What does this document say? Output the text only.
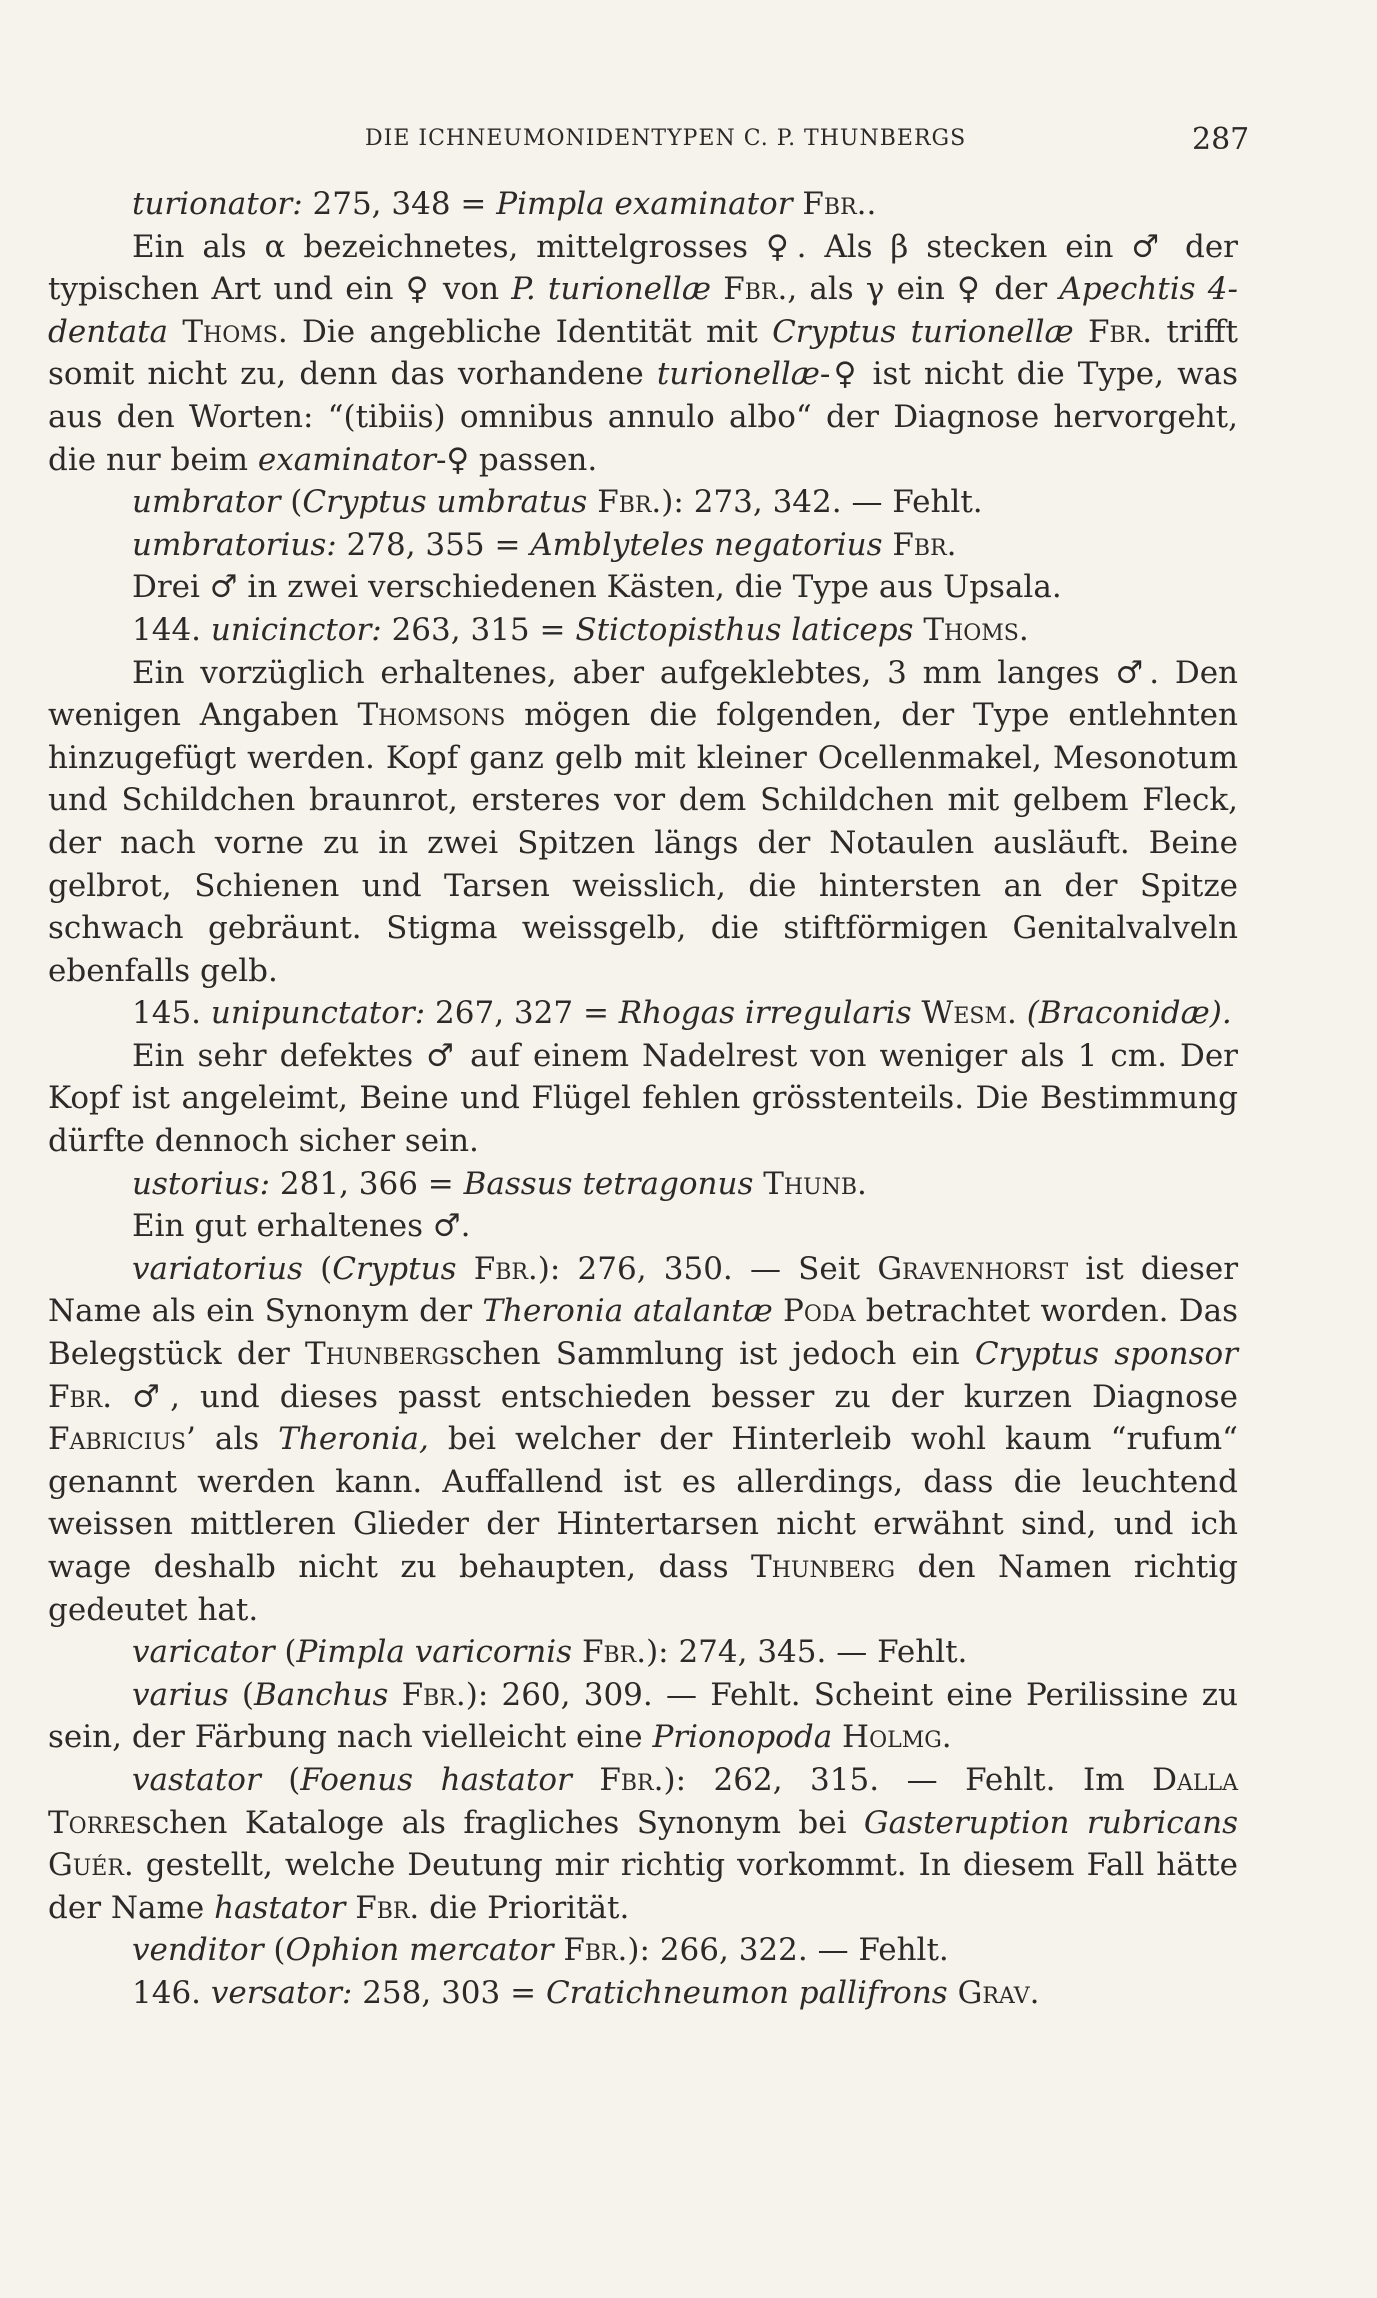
DIE ICHNEUMONIDENTYPEN C. P. THUNBERGS	287

turionator: 275, 348 = Pimpla examinator Fbr..

Ein als α bezeichnetes, mittelgrosses ♀. Als β stecken ein ♂ der typischen Art und ein ♀ von P. turionellæ Fbr., als γ ein ♀ der Apechtis 4-dentata Thoms. Die angebliche Identität mit Cryptus turionellæ Fbr. trifft somit nicht zu, denn das vorhandene turionellæ-♀ ist nicht die Type, was aus den Worten: “(tibiis) omnibus annulo albo“ der Diagnose hervorgeht, die nur beim examinator-♀ passen.

umbrator (Cryptus umbratus Fbr.): 273, 342. — Fehlt.

umbratorius: 278, 355 = Amblyteles negatorius Fbr.

Drei ♂ in zwei verschiedenen Kästen, die Type aus Upsala.

144. unicinctor: 263, 315 = Stictopisthus laticeps Thoms.

Ein vorzüglich erhaltenes, aber aufgeklebtes, 3 mm langes ♂. Den wenigen Angaben Thomsons mögen die folgenden, der Type entlehnten hinzugefügt werden. Kopf ganz gelb mit kleiner Ocellenmakel, Mesonotum und Schildchen braunrot, ersteres vor dem Schildchen mit gelbem Fleck, der nach vorne zu in zwei Spitzen längs der Notaulen ausläuft. Beine gelbrot, Schienen und Tarsen weisslich, die hintersten an der Spitze schwach gebräunt. Stigma weissgelb, die stiftförmigen Genitalvalveln ebenfalls gelb.

145. unipunctator: 267, 327 = Rhogas irregularis Wesm. (Braconidæ).

Ein sehr defektes ♂ auf einem Nadelrest von weniger als 1 cm. Der Kopf ist angeleimt, Beine und Flügel fehlen grösstenteils. Die Bestimmung dürfte dennoch sicher sein.

ustorius: 281, 366 = Bassus tetragonus Thunb.

Ein gut erhaltenes ♂.

variatorius (Cryptus Fbr.): 276, 350. — Seit Gravenhorst ist dieser Name als ein Synonym der Theronia atalantæ Poda betrachtet worden. Das Belegstück der Thunbergschen Sammlung ist jedoch ein Cryptus sponsor Fbr. ♂, und dieses passt entschieden besser zu der kurzen Diagnose Fabricius’ als Theronia, bei welcher der Hinterleib wohl kaum “rufum“ genannt werden kann. Auffallend ist es allerdings, dass die leuchtend weissen mittleren Glieder der Hintertarsen nicht erwähnt sind, und ich wage deshalb nicht zu behaupten, dass Thunberg den Namen richtig gedeutet hat.

varicator (Pimpla varicornis Fbr.): 274, 345. — Fehlt.

varius (Banchus Fbr.): 260, 309. — Fehlt. Scheint eine Perilissine zu sein, der Färbung nach vielleicht eine Prionopoda Holmg.

vastator (Foenus hastator Fbr.): 262, 315. — Fehlt. Im Dalla Torreschen Kataloge als fragliches Synonym bei Gasteruption rubricans Guér. gestellt, welche Deutung mir richtig vorkommt. In diesem Fall hätte der Name hastator Fbr. die Priorität.

venditor (Ophion mercator Fbr.): 266, 322. — Fehlt.

146. versator: 258, 303 = Cratichneumon pallifrons Grav.
